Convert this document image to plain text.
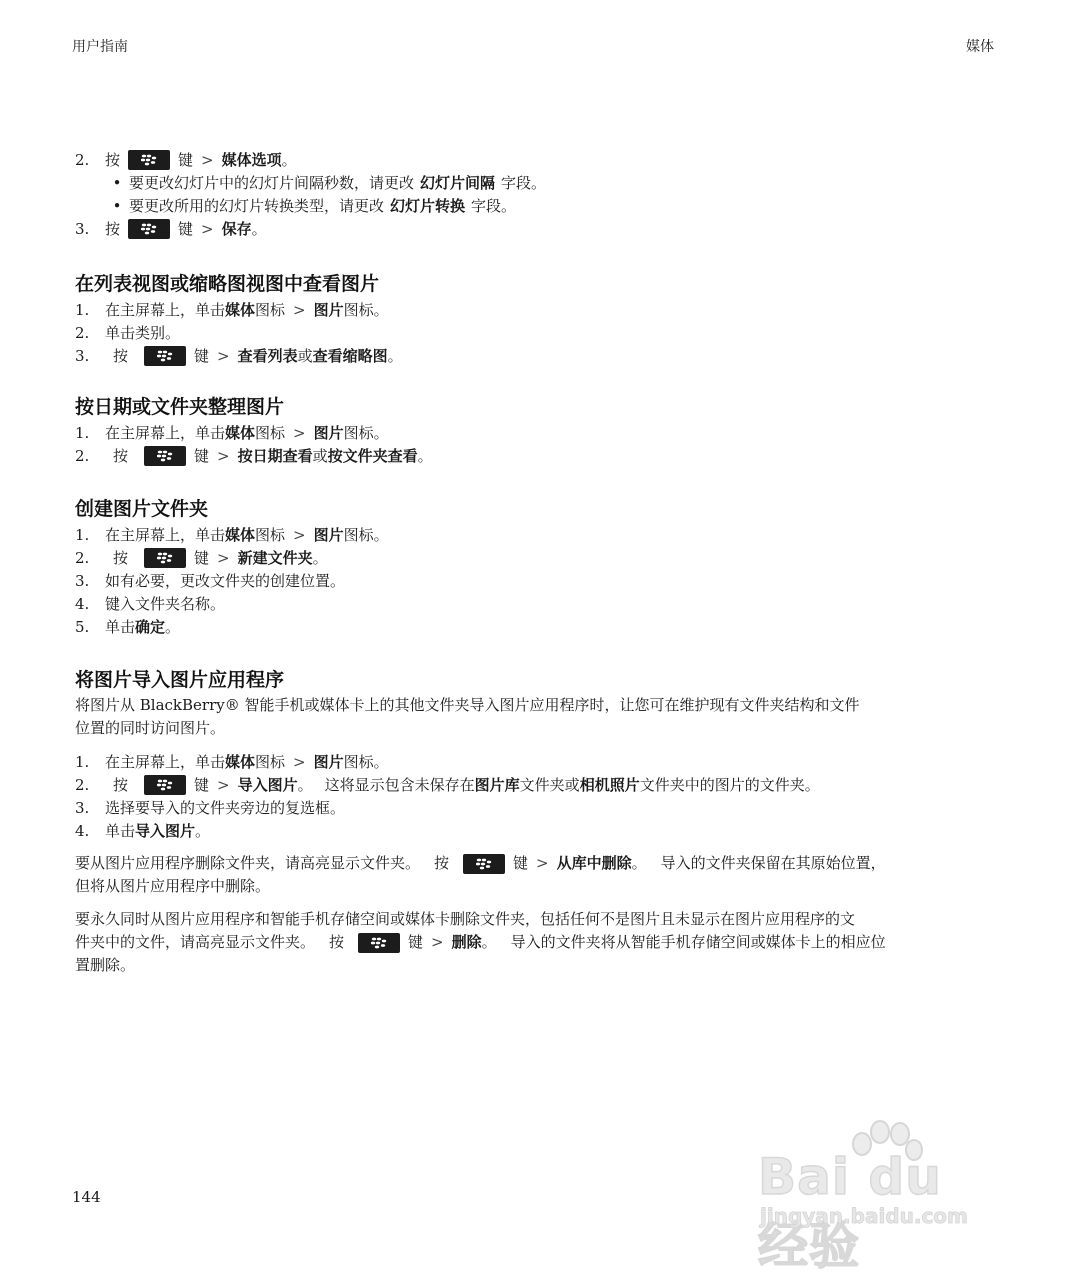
用户指南	媒体
2.	按	键 > 媒体选项 。
• 要更改幻灯片中的幻灯片间隔秒数，请更改 幻灯片间隔 字段。
• 要更改所用的幻灯片转换类型，请更改 幻灯片转换 字段。
3.	按	键 > 保存 。
在列表视图或缩略图视图中查看图片
1.	在主屏幕上，单击 媒体 图标 > 图片 图标。
2.	单击类别。
3.	按	键 > 查看列表 或 查看缩略图 。
按日期或文件夹整理图片
1.	在主屏幕上，单击 媒体 图标 > 图片 图标。
2.	按	键 > 按日期查看 或 按文件夹查看 。
创建图片文件夹
1.	在主屏幕上，单击 媒体 图标 > 图片 图标。
2.	按	键 > 新建文件夹 。
3.	如有必要，更改文件夹的创建位置。
4.	键入文件夹名称。
5.	单击 确定 。
将图片导入图片应用程序
将图片从 BlackBerry® 智能手机或媒体卡上的其他文件夹导入图片应用程序时，让您可在维护现有文件夹结构和文件
位置的同时访问图片。
1.	在主屏幕上，单击 媒体 图标 > 图片 图标。
2.	按	键 > 导入图片 。 这将显示包含未保存在 图片库 文件夹或 相机照片 文件夹中的图片的文件夹。
3.	选择要导入的文件夹旁边的复选框。
4.	单击 导入图片 。
要从图片应用程序删除文件夹，请高亮显示文件夹。 按	键 > 从库中删除 。 导入的文件夹保留在其原始位置，
但将从图片应用程序中删除。
要永久同时从图片应用程序和智能手机存储空间或媒体卡删除文件夹，包括任何不是图片且未显示在图片应用程序的文
件夹中的文件，请高亮显示文件夹。 按	键 > 删除 。 导入的文件夹将从智能手机存储空间或媒体卡上的相应位
置删除。
144	Bai du 经验
jingyan.baidu.com
